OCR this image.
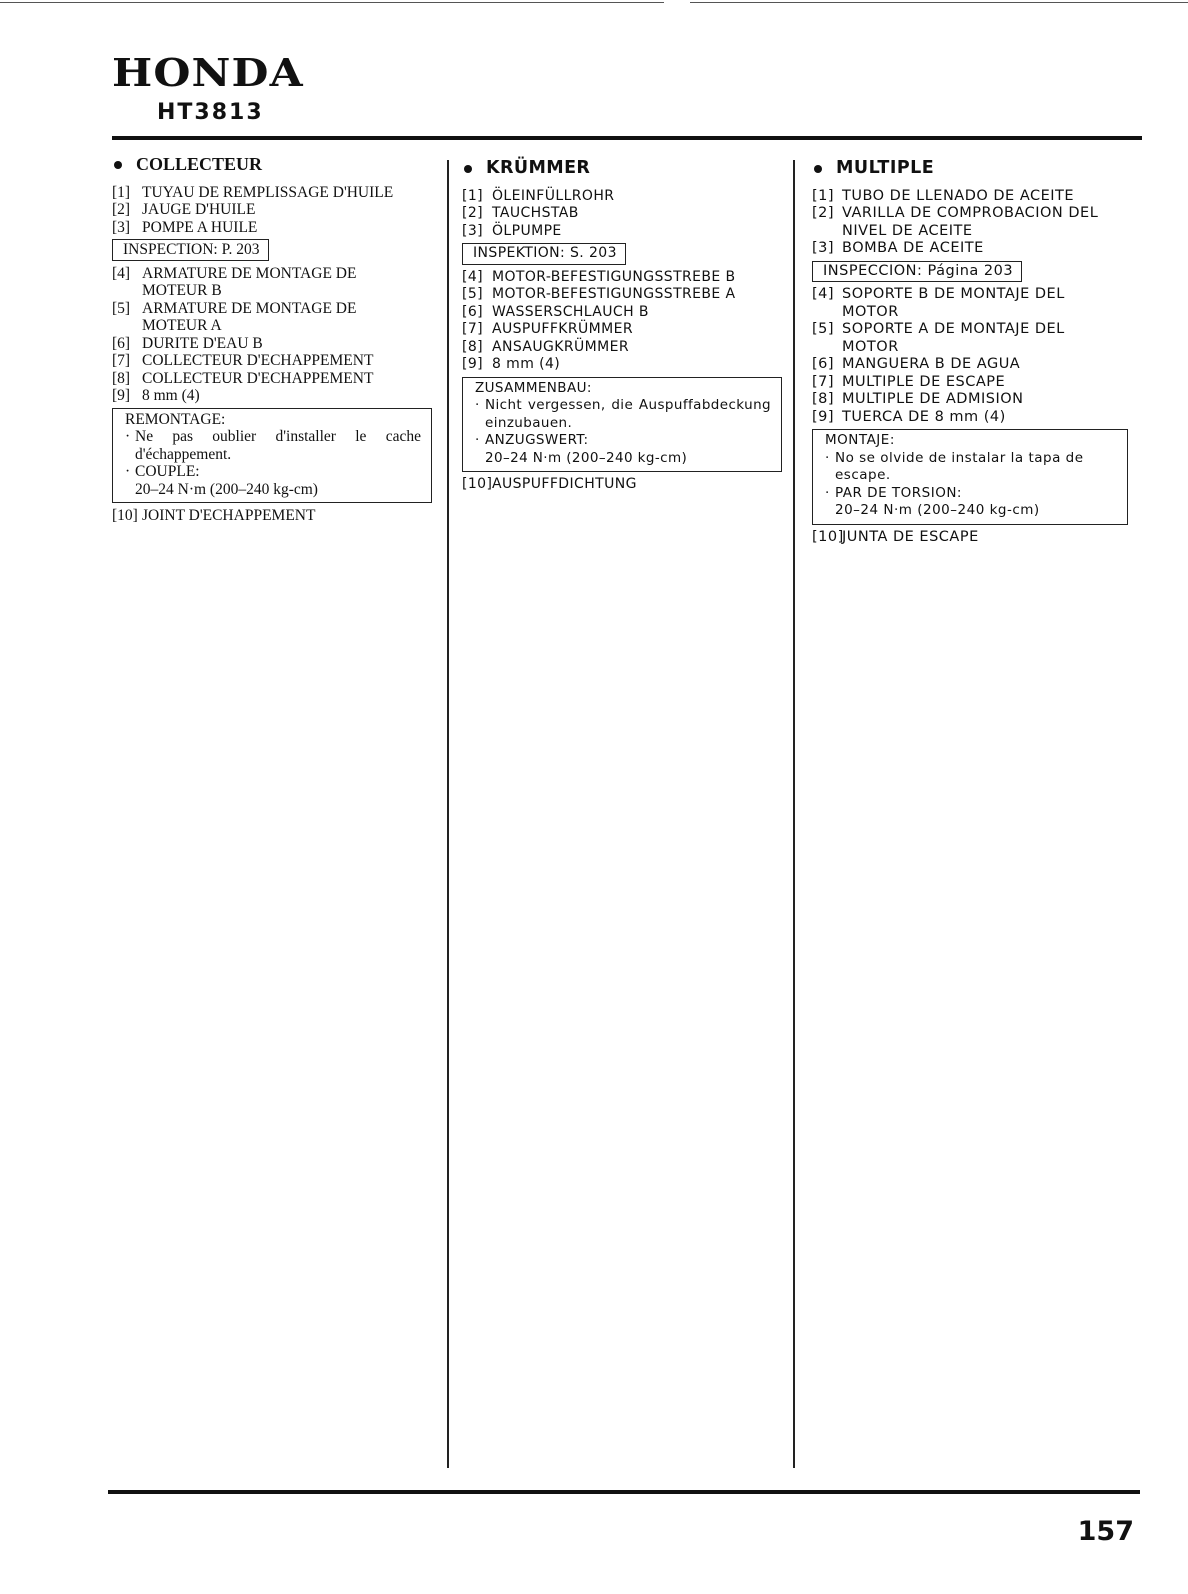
HONDA
HT3813
COLLECTEUR
[1] TUYAU DE REMPLISSAGE D'HUILE
[2] JAUGE D'HUILE
[3] POMPE A HUILE
INSPECTION: P. 203
[4] ARMATURE DE MONTAGE DE
MOTEUR B
[5] ARMATURE DE MONTAGE DE
MOTEUR A
[6] DURITE D'EAU B
[7] COLLECTEUR D'ECHAPPEMENT
[8] COLLECTEUR D'ECHAPPEMENT
[9] 8 mm (4)
REMONTAGE:
· Ne pas oublier d'installer le cache
d'échappement.
· COUPLE:
20–24 N·m (200–240 kg-cm)
[10] JOINT D'ECHAPPEMENT
KRÜMMER
[1] ÖLEINFÜLLROHR
[2] TAUCHSTAB
[3] ÖLPUMPE
INSPEKTION: S. 203
[4] MOTOR-BEFESTIGUNGSSTREBE B
[5] MOTOR-BEFESTIGUNGSSTREBE A
[6] WASSERSCHLAUCH B
[7] AUSPUFFKRÜMMER
[8] ANSAUGKRÜMMER
[9] 8 mm (4)
ZUSAMMENBAU:
· Nicht vergessen, die Auspuffabdeckung
einzubauen.
· ANZUGSWERT:
20–24 N·m (200–240 kg-cm)
[10] AUSPUFFDICHTUNG
MULTIPLE
[1] TUBO DE LLENADO DE ACEITE
[2] VARILLA DE COMPROBACION DEL
NIVEL DE ACEITE
[3] BOMBA DE ACEITE
INSPECCION: Página 203
[4] SOPORTE B DE MONTAJE DEL
MOTOR
[5] SOPORTE A DE MONTAJE DEL
MOTOR
[6] MANGUERA B DE AGUA
[7] MULTIPLE DE ESCAPE
[8] MULTIPLE DE ADMISION
[9] TUERCA DE 8 mm (4)
MONTAJE:
· No se olvide de instalar la tapa de escape.
· PAR DE TORSION:
20–24 N·m (200–240 kg-cm)
[10]
JUNTA DE ESCAPE
157
